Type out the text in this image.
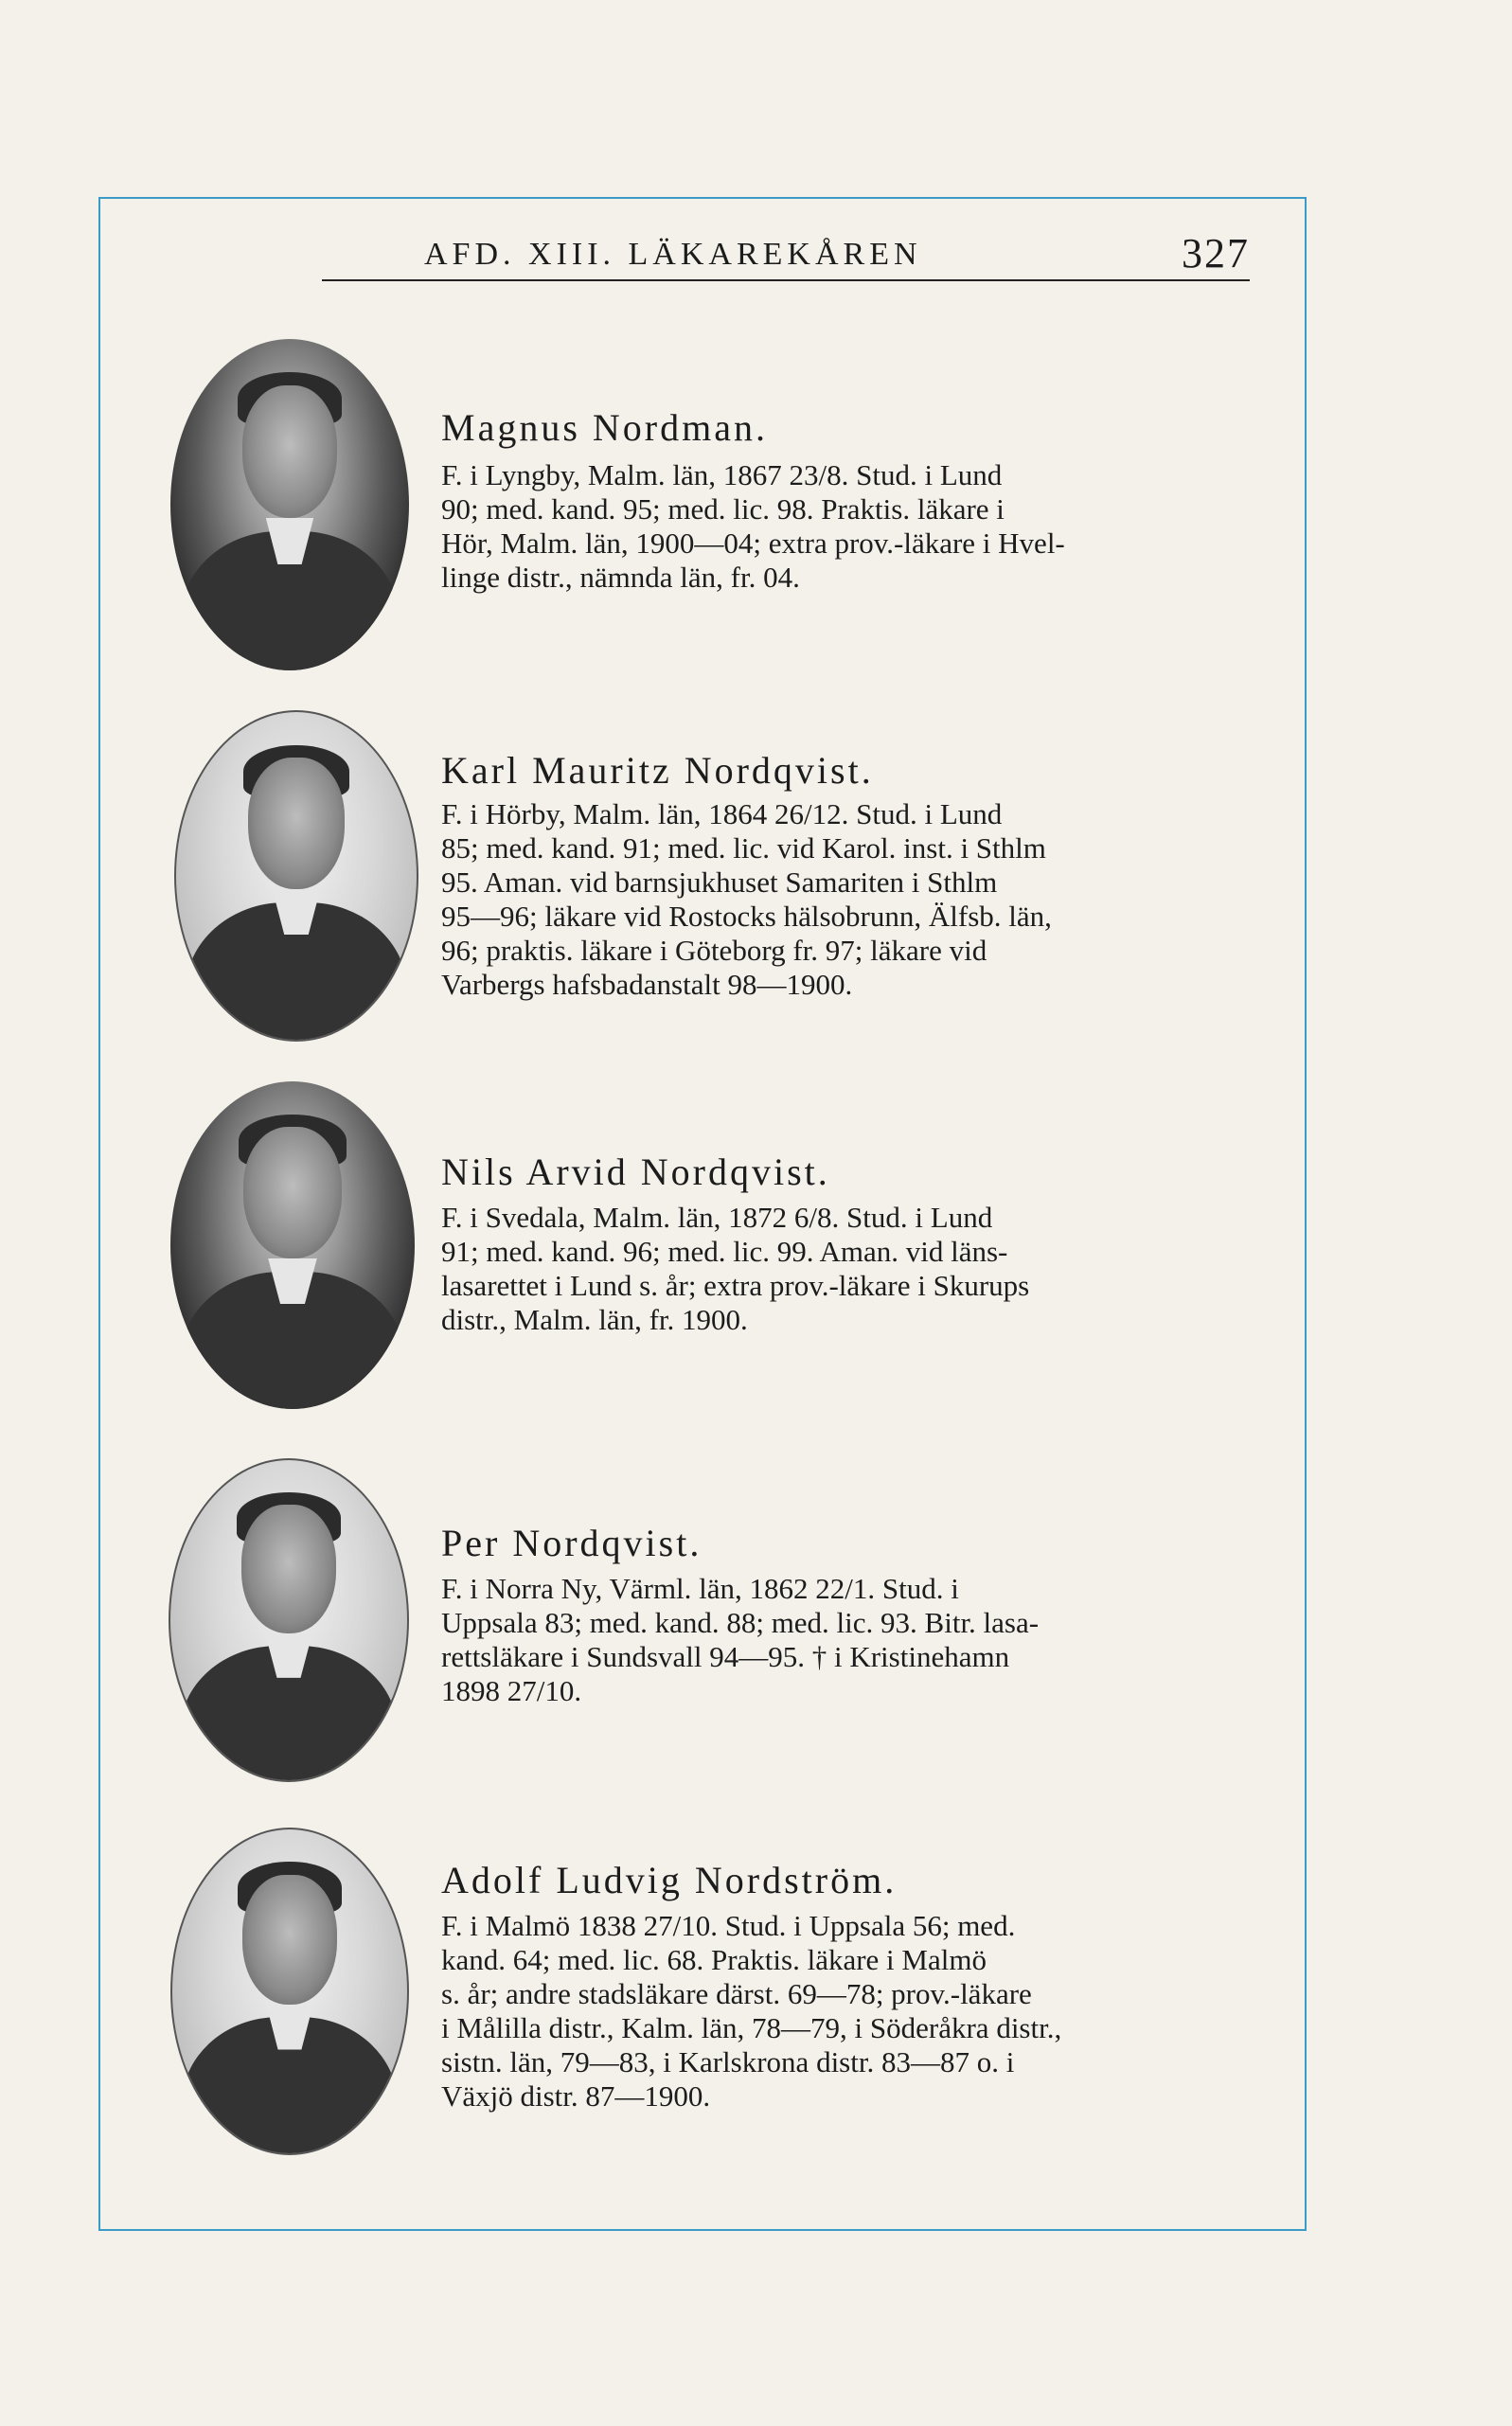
AFD. XIII. LÄKAREKÅREN	327
Magnus Nordman.

F. i Lyngby, Malm. län, 1867 23/8. Stud. i Lund

90; med. kand. 95; med. lic. 98. Praktis. läkare i

Hör, Malm. län, 1900—04; extra prov.-läkare i Hvel-

linge distr., nämnda län, fr. 04.

Karl Mauritz Nordqvist.

F. i Hörby, Malm. län, 1864 26/12. Stud. i Lund

85; med. kand. 91; med. lic. vid Karol. inst. i Sthlm

95. Aman. vid barnsjukhuset Samariten i Sthlm

95—96; läkare vid Rostocks hälsobrunn, Älfsb. län,

96; praktis. läkare i Göteborg fr. 97; läkare vid

Varbergs hafsbadanstalt 98—1900.

Nils Arvid Nordqvist.

F. i Svedala, Malm. län, 1872 6/8. Stud. i Lund

91; med. kand. 96; med. lic. 99. Aman. vid läns-

lasarettet i Lund s. år; extra prov.-läkare i Skurups

distr., Malm. län, fr. 1900.

Per Nordqvist.

F. i Norra Ny, Värml. län, 1862 22/1. Stud. i

Uppsala 83; med. kand. 88; med. lic. 93. Bitr. lasa-

rettsläkare i Sundsvall 94—95. † i Kristinehamn

1898 27/10.

Adolf Ludvig Nordström.

F. i Malmö 1838 27/10. Stud. i Uppsala 56; med.

kand. 64; med. lic. 68. Praktis. läkare i Malmö

s. år; andre stadsläkare därst. 69—78; prov.-läkare

i Målilla distr., Kalm. län, 78—79, i Söderåkra distr.,

sistn. län, 79—83, i Karlskrona distr. 83—87 o. i

Växjö distr. 87—1900.
